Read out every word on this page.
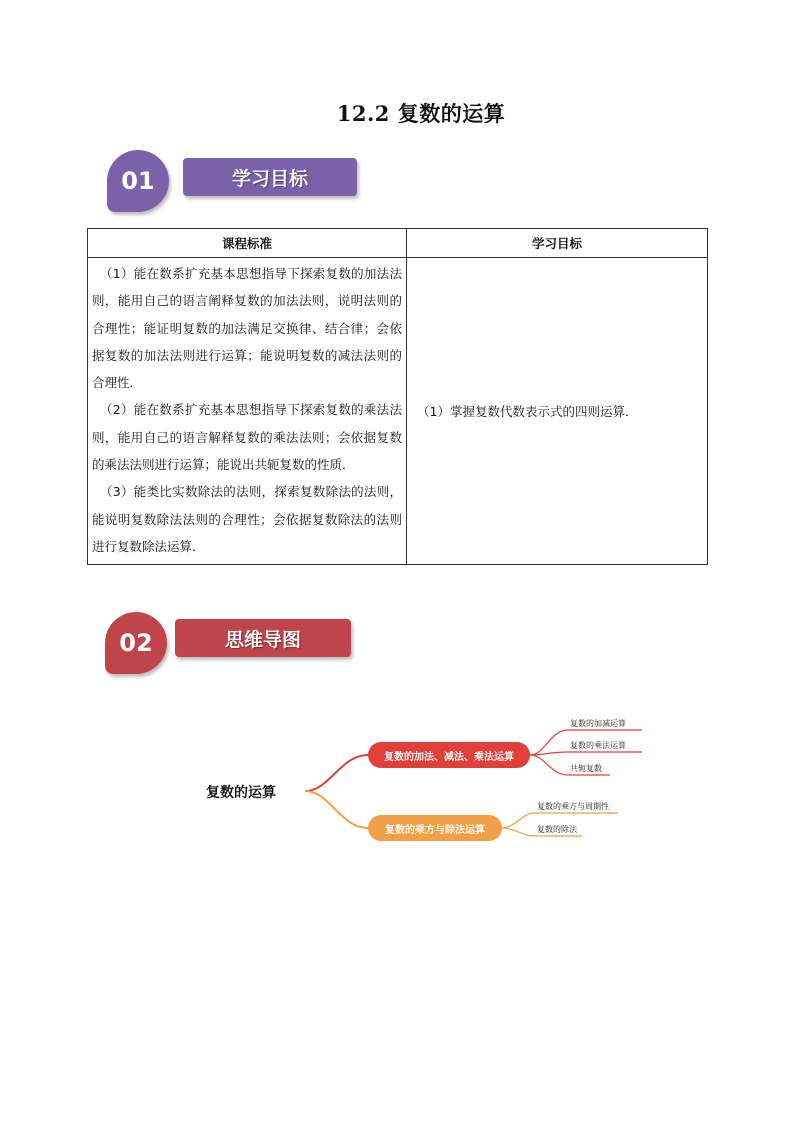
12.2 复数的运算
01	学习目标
课程标准	学习目标

（1）能在数系扩充基本思想指导下探索复数的加法法则，能用自己的语言阐释复数的加法法则，说明法则的合理性；能证明复数的加法满足交换律、结合律；会依据复数的加法法则进行运算；能说明复数的减法法则的合理性．

（2）能在数系扩充基本思想指导下探索复数的乘法法则，能用自己的语言解释复数的乘法法则；会依据复数的乘法法则进行运算；能说出共轭复数的性质．

（3）能类比实数除法的法则，探索复数除法的法则，能说明复数除法法则的合理性；会依据复数除法的法则进行复数除法运算．	（1）掌握复数代数表示式的四则运算．
02	思维导图
复数的运算
复数的加法、减法、乘法运算
复数的乘方与除法运算
复数的加减运算
复数的乘法运算
共轭复数
复数的乘方与周期性
复数的除法
